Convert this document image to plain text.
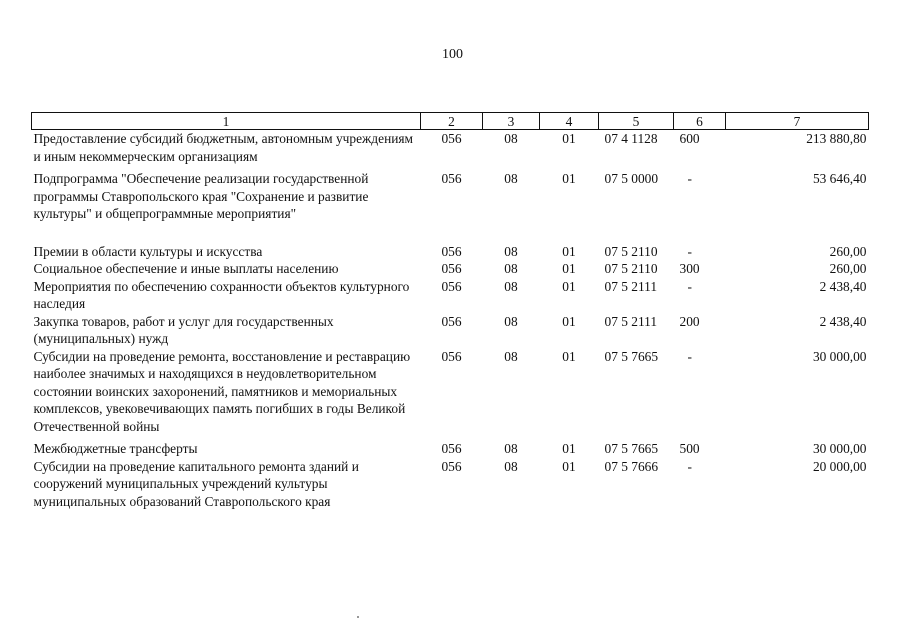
100
1	2	3	4	5	6	7
Предоставление субсидий бюджетным, автономным учреждениям и иным некоммерческим организациям	056	08	01	07 4 1128	600	213 880,80

Подпрограмма "Обеспечение реализации государственной программы Ставропольского края "Сохранение и развитие культуры" и общепрограммные мероприятия"	056	08	01	07 5 0000	-	53 646,40

Премии в области культуры и искусства	056	08	01	07 5 2110	-	260,00
Социальное обеспечение и иные выплаты населению	056	08	01	07 5 2110	300	260,00
Мероприятия по обеспечению сохранности объектов культурного наследия	056	08	01	07 5 2111	-	2 438,40
Закупка товаров, работ и услуг для государственных (муниципальных) нужд	056	08	01	07 5 2111	200	2 438,40
Субсидии на проведение ремонта, восстановление и реставрацию наиболее значимых и находящихся в неудовлетворительном состоянии воинских захоронений, памятников и мемориальных комплексов, увековечивающих память погибших в годы Великой Отечественной войны	056	08	01	07 5 7665	-	30 000,00

Межбюджетные трансферты	056	08	01	07 5 7665	500	30 000,00
Субсидии на проведение капитального ремонта зданий и сооружений муниципальных учреждений культуры муниципальных образований Ставропольского края	056	08	01	07 5 7666	-	20 000,00
